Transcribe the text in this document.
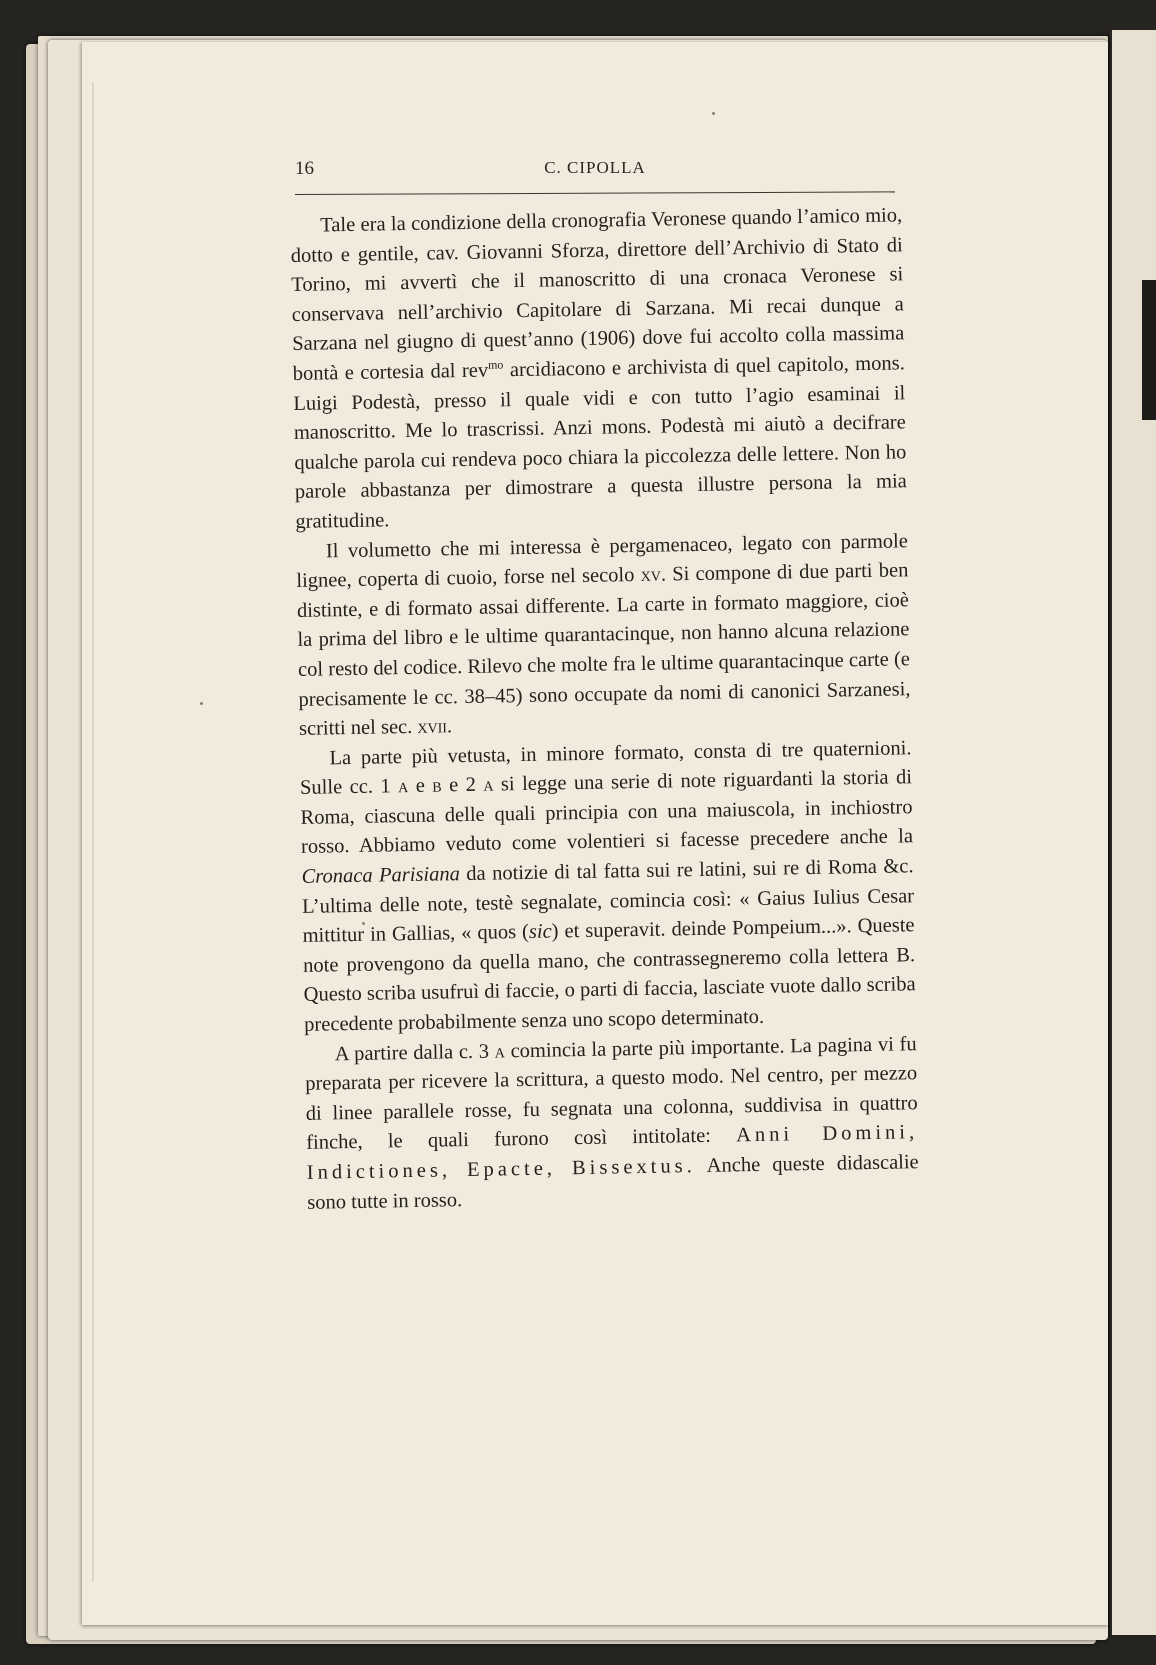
16	C. CIPOLLA

Tale era la condizione della cronografia Veronese quando l’amico mio, dotto e gentile, cav. Giovanni Sforza, direttore dell’Archivio di Stato di Torino, mi avvertì che il manoscritto di una cronaca Veronese si conservava nell’archivio Capitolare di Sarzana. Mi recai dunque a Sarzana nel giugno di quest’anno (1906) dove fui accolto colla massima bontà e cortesia dal rev$^{mo}$ arcidiacono e archivista di quel capitolo, mons. Luigi Podestà, presso il quale vidi e con tutto l’agio esaminai il manoscritto. Me lo trascrissi. Anzi mons. Podestà mi aiutò a decifrare qualche parola cui rendeva poco chiara la piccolezza delle lettere. Non ho parole abbastanza per dimostrare a questa illustre persona la mia gratitudine.

Il volumetto che mi interessa è pergamenaceo, legato con parmole lignee, coperta di cuoio, forse nel secolo xv. Si compone di due parti ben distinte, e di formato assai differente. La carte in formato maggiore, cioè la prima del libro e le ultime quarantacinque, non hanno alcuna relazione col resto del codice. Rilevo che molte fra le ultime quarantacinque carte (e precisamente le cc. 38–45) sono occupate da nomi di canonici Sarzanesi, scritti nel sec. xvii.

La parte più vetusta, in minore formato, consta di tre quaternioni. Sulle cc. 1 a e b e 2 a si legge una serie di note riguardanti la storia di Roma, ciascuna delle quali principia con una maiuscola, in inchiostro rosso. Abbiamo veduto come volentieri si facesse precedere anche la Cronaca Parisiana da notizie di tal fatta sui re latini, sui re di Roma &c. L’ultima delle note, testè segnalate, comincia così: « Gaius Iulius Cesar mittitur in Gallias, « quos (sic) et superavit. deinde Pompeium...». Queste note provengono da quella mano, che contrassegneremo colla lettera B. Questo scriba usufruì di faccie, o parti di faccia, lasciate vuote dallo scriba precedente probabilmente senza uno scopo determinato.

A partire dalla c. 3 a comincia la parte più importante. La pagina vi fu preparata per ricevere la scrittura, a questo modo. Nel centro, per mezzo di linee parallele rosse, fu segnata una colonna, suddivisa in quattro finche, le quali furono così intitolate: Anni Domini, Indictiones, Epacte, Bissextus. Anche queste didascalie sono tutte in rosso.
